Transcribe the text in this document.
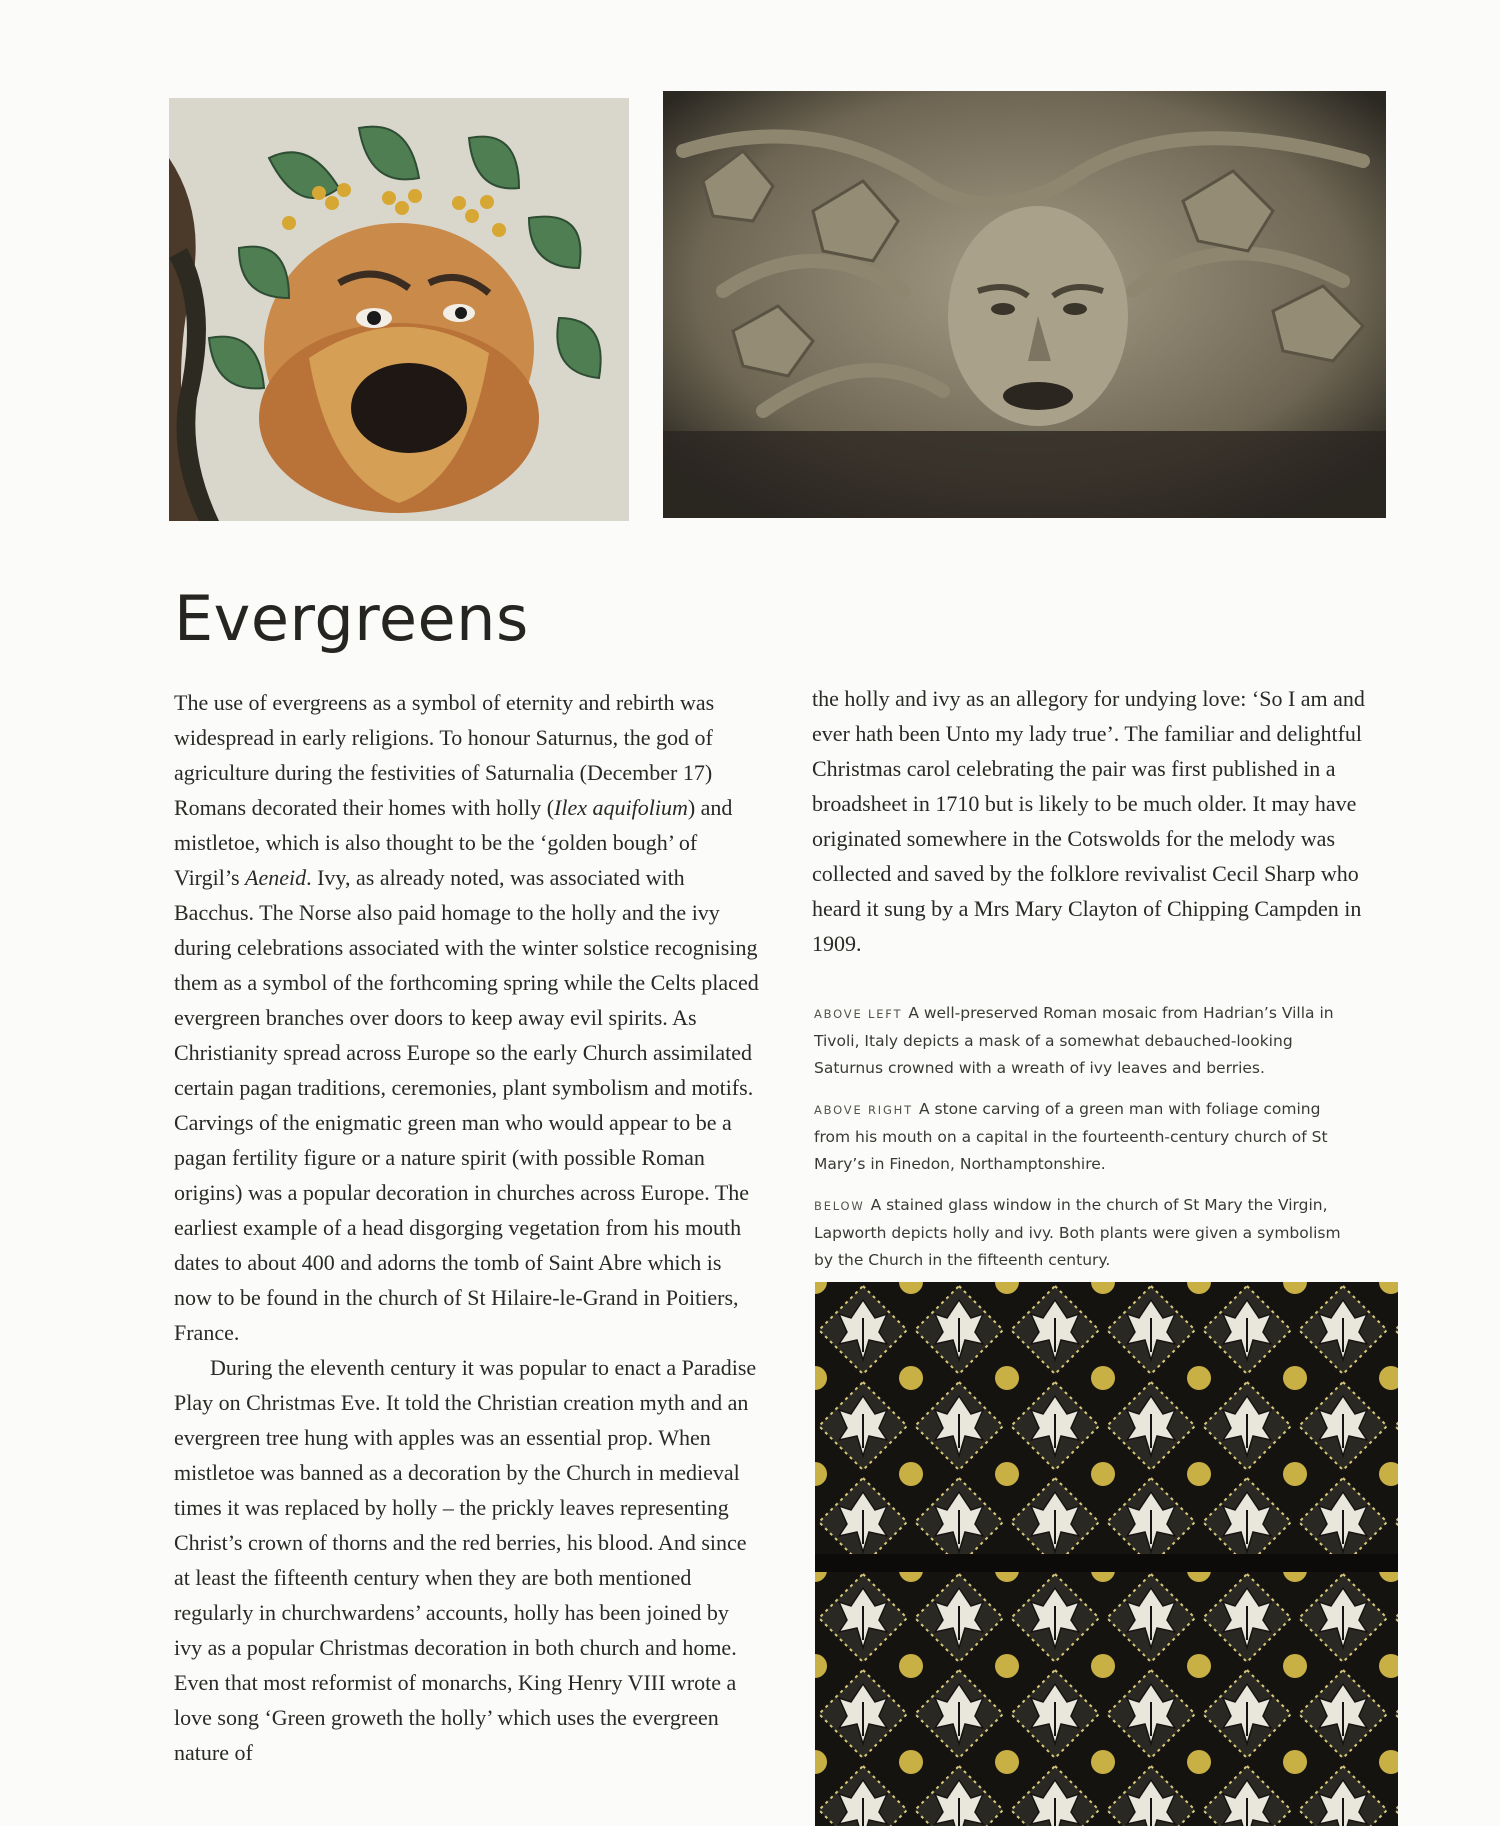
Evergreens

The use of evergreens as a symbol of eternity and rebirth was widespread in early religions. To honour Saturnus, the god of agriculture during the festivities of Saturnalia (December 17) Romans decorated their homes with holly (Ilex aquifolium) and mistletoe, which is also thought to be the ‘golden bough’ of Virgil’s Aeneid. Ivy, as already noted, was associated with Bacchus. The Norse also paid homage to the holly and the ivy during celebrations associated with the winter solstice recognising them as a symbol of the forthcoming spring while the Celts placed evergreen branches over doors to keep away evil spirits. As Christianity spread across Europe so the early Church assimilated certain pagan traditions, ceremonies, plant symbolism and motifs. Carvings of the enigmatic green man who would appear to be a pagan fertility figure or a nature spirit (with possible Roman origins) was a popular decoration in churches across Europe. The earliest example of a head disgorging vegetation from his mouth dates to about 400 and adorns the tomb of Saint Abre which is now to be found in the church of St Hilaire-le-Grand in Poitiers, France.

During the eleventh century it was popular to enact a Paradise Play on Christmas Eve. It told the Christian creation myth and an evergreen tree hung with apples was an essential prop. When mistletoe was banned as a decoration by the Church in medieval times it was replaced by holly – the prickly leaves representing Christ’s crown of thorns and the red berries, his blood. And since at least the fifteenth century when they are both mentioned regularly in churchwardens’ accounts, holly has been joined by ivy as a popular Christmas decoration in both church and home. Even that most reformist of monarchs, King Henry VIII wrote a love song ‘Green groweth the holly’ which uses the evergreen nature of

the holly and ivy as an allegory for undying love: ‘So I am and ever hath been Unto my lady true’. The familiar and delightful Christmas carol celebrating the pair was first published in a broadsheet in 1710 but is likely to be much older. It may have originated somewhere in the Cotswolds for the melody was collected and saved by the folklore revivalist Cecil Sharp who heard it sung by a Mrs Mary Clayton of Chipping Campden in 1909.

ABOVE LEFT A well-preserved Roman mosaic from Hadrian’s Villa in Tivoli, Italy depicts a mask of a somewhat debauched-looking Saturnus crowned with a wreath of ivy leaves and berries.

ABOVE RIGHT A stone carving of a green man with foliage coming from his mouth on a capital in the fourteenth-century church of St Mary’s in Finedon, Northamptonshire.

BELOW A stained glass window in the church of St Mary the Virgin, Lapworth depicts holly and ivy. Both plants were given a symbolism by the Church in the fifteenth century.
